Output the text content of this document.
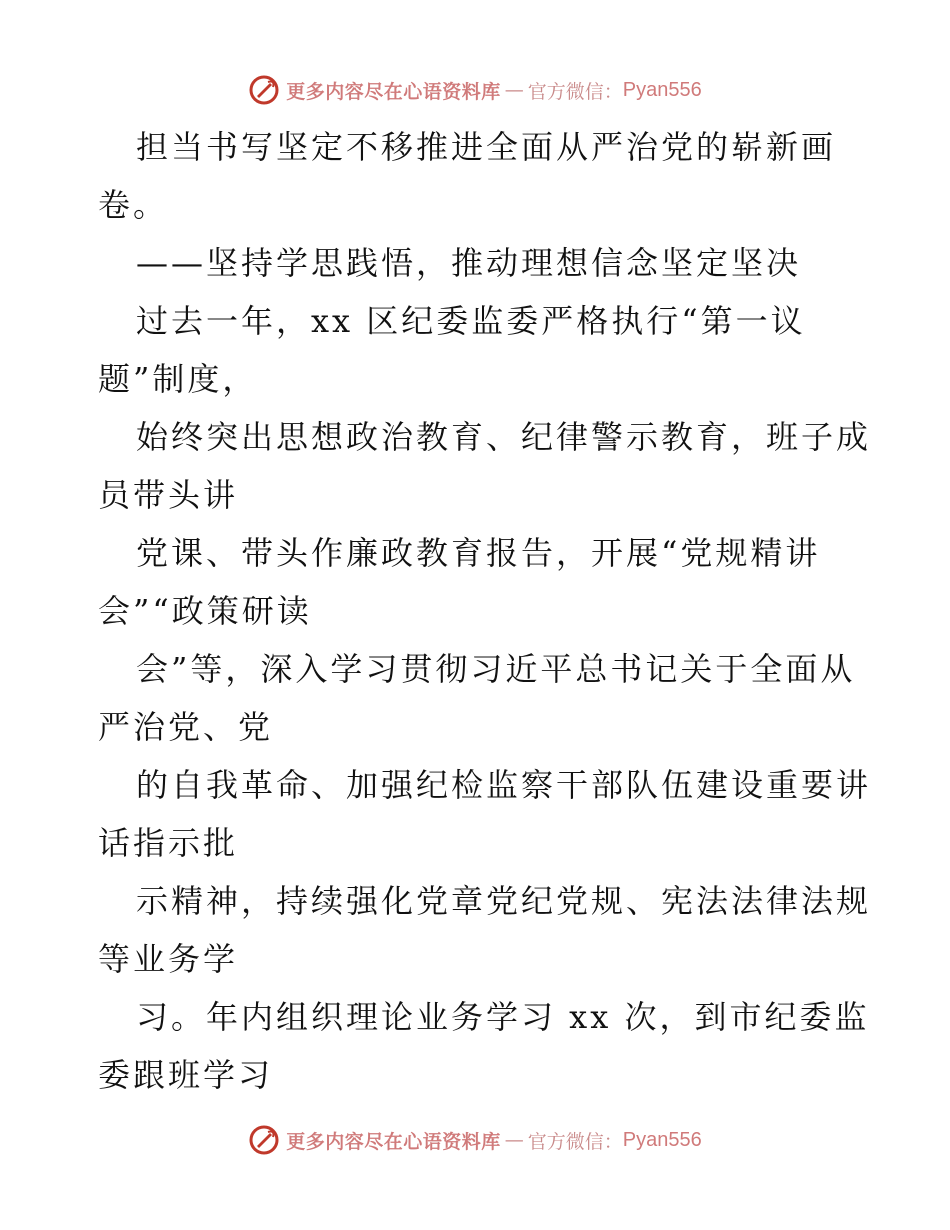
更多内容尽在心语资料库 — 官方微信： Pyan556
担当书写坚定不移推进全面从严治党的崭新画
卷。
——坚持学思践悟，推动理想信念坚定坚决
过去一年，xx 区纪委监委严格执行“第一议
题”制度，
始终突出思想政治教育、纪律警示教育，班子成
员带头讲
党课、带头作廉政教育报告，开展“党规精讲
会”“政策研读
会”等，深入学习贯彻习近平总书记关于全面从
严治党、党
的自我革命、加强纪检监察干部队伍建设重要讲
话指示批
示精神，持续强化党章党纪党规、宪法法律法规
等业务学
习。年内组织理论业务学习 xx 次，到市纪委监
委跟班学习
更多内容尽在心语资料库 — 官方微信： Pyan556
